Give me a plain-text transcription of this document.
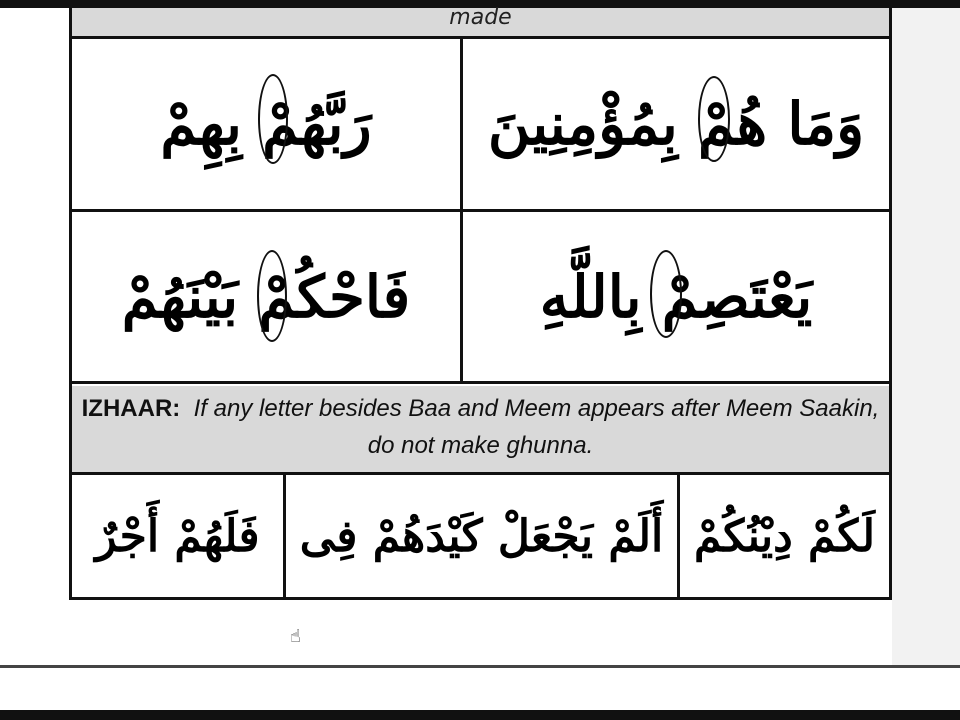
made
وَمَا هُمْ بِمُؤْمِنِينَ
رَبَّهُمْ بِهِمْ
يَعْتَصِمْ بِاللَّهِ
فَاحْكُمْ بَيْنَهُمْ
IZHAAR: If any letter besides Baa and Meem appears after Meem Saakin, do not make ghunna.
لَكُمْ دِيْنُكُمْ
أَلَمْ يَجْعَلْ كَيْدَهُمْ فِى
فَلَهُمْ أَجْرٌ
☝
